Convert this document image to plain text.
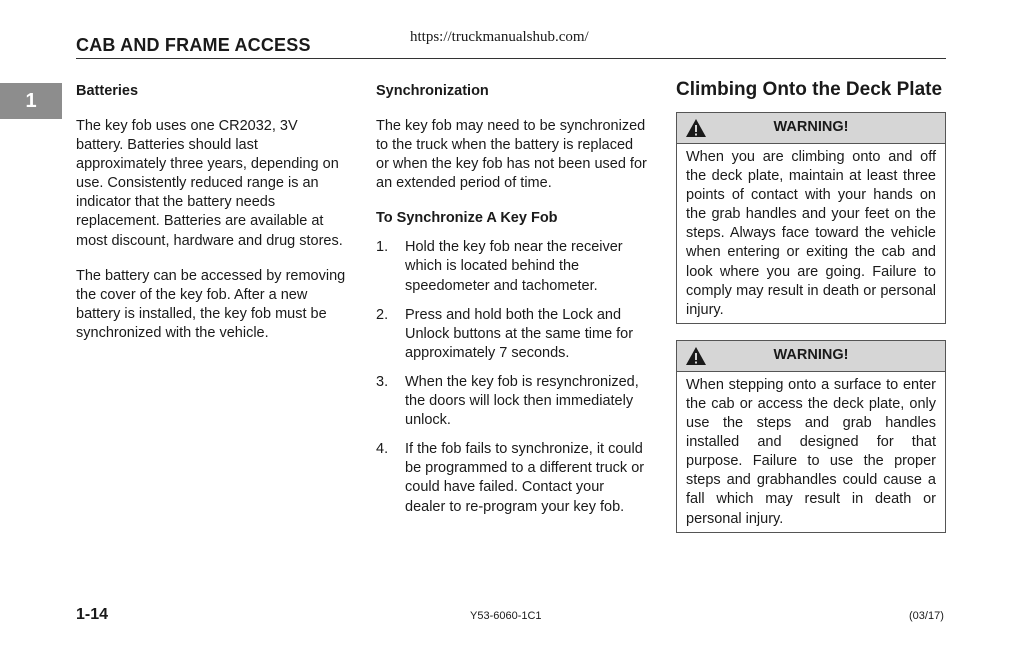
CAB AND FRAME ACCESS	https://truckmanualshub.com/
1	Batteries

The key fob uses one CR2032, 3V battery. Batteries should last approximately three years, depending on use. Consistently reduced range is an indicator that the battery needs replacement. Batteries are available at most discount, hardware and drug stores.

The battery can be accessed by removing the cover of the key fob. After a new battery is installed, the key fob must be synchronized with the vehicle.

Synchronization

The key fob may need to be synchronized to the truck when the battery is replaced or when the key fob has not been used for an extended period of time.

To Synchronize A Key Fob
1.	Hold the key fob near the receiver which is located behind the speedometer and tachometer.
2.	Press and hold both the Lock and Unlock buttons at the same time for approximately 7 seconds.
3.	When the key fob is resynchronized, the doors will lock then immediately unlock.
4.	If the fob fails to synchronize, it could be programmed to a different truck or could have failed. Contact your dealer to re-program your key fob.
Climbing Onto the Deck Plate
WARNING!
When you are climbing onto and off the deck plate, maintain at least three points of contact with your hands on the grab handles and your feet on the steps. Always face toward the vehicle when entering or exiting the cab and look where you are going. Failure to comply may result in death or personal injury.
WARNING!
When stepping onto a surface to enter the cab or access the deck plate, only use the steps and grab handles installed and designed for that purpose. Failure to use the proper steps and grabhandles could cause a fall which may result in death or personal injury.
1-14	Y53-6060-1C1	(03/17)
